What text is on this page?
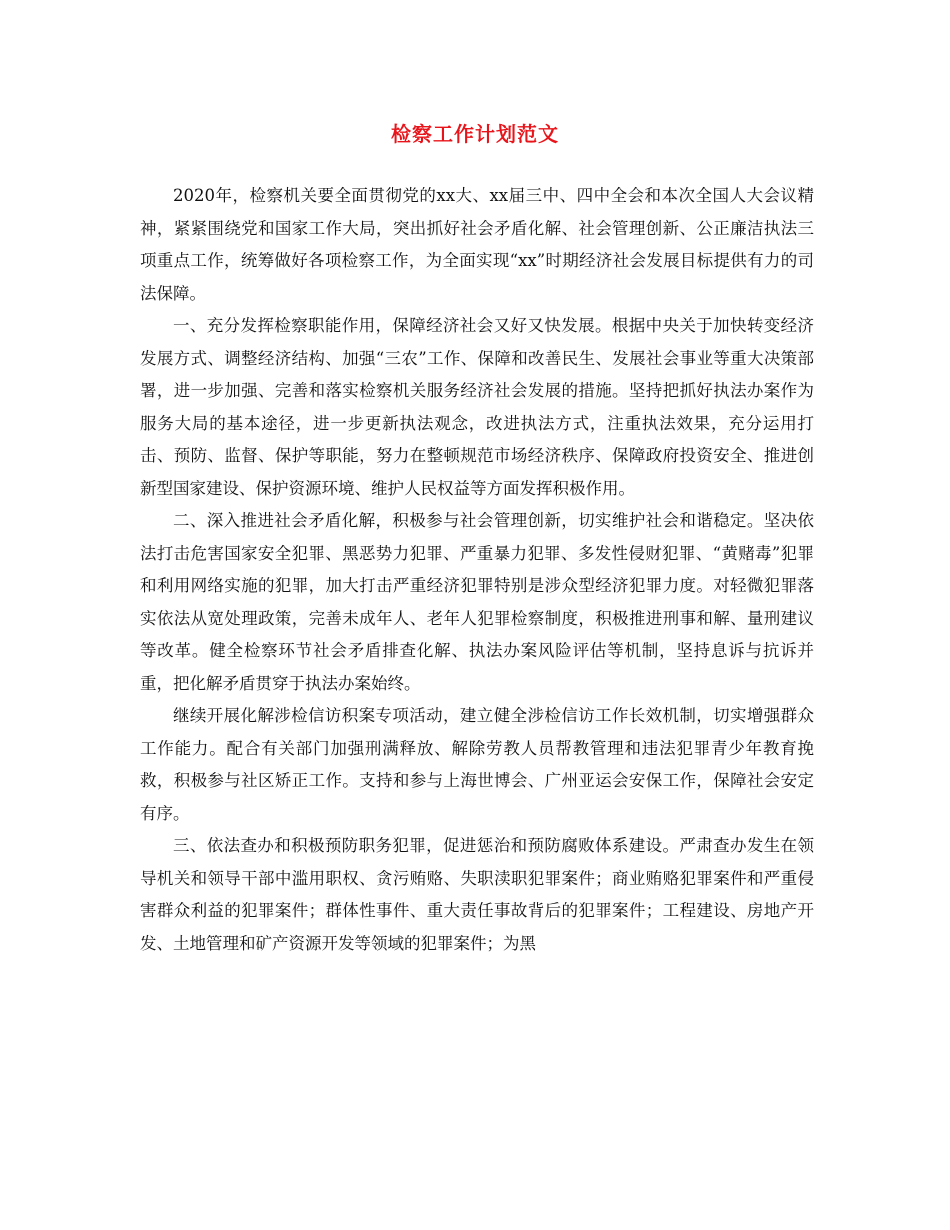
检察工作计划范文

2020年，检察机关要全面贯彻党的xx大、xx届三中、四中全会和本次全国人大会议精神，紧紧围绕党和国家工作大局，突出抓好社会矛盾化解、社会管理创新、公正廉洁执法三项重点工作，统筹做好各项检察工作，为全面实现“xx”时期经济社会发展目标提供有力的司法保障。

一、充分发挥检察职能作用，保障经济社会又好又快发展。根据中央关于加快转变经济发展方式、调整经济结构、加强“三农”工作、保障和改善民生、发展社会事业等重大决策部署，进一步加强、完善和落实检察机关服务经济社会发展的措施。坚持把抓好执法办案作为服务大局的基本途径，进一步更新执法观念，改进执法方式，注重执法效果，充分运用打击、预防、监督、保护等职能，努力在整顿规范市场经济秩序、保障政府投资安全、推进创新型国家建设、保护资源环境、维护人民权益等方面发挥积极作用。

二、深入推进社会矛盾化解，积极参与社会管理创新，切实维护社会和谐稳定。坚决依法打击危害国家安全犯罪、黑恶势力犯罪、严重暴力犯罪、多发性侵财犯罪、“黄赌毒”犯罪和利用网络实施的犯罪，加大打击严重经济犯罪特别是涉众型经济犯罪力度。对轻微犯罪落实依法从宽处理政策，完善未成年人、老年人犯罪检察制度，积极推进刑事和解、量刑建议等改革。健全检察环节社会矛盾排查化解、执法办案风险评估等机制，坚持息诉与抗诉并重，把化解矛盾贯穿于执法办案始终。

继续开展化解涉检信访积案专项活动，建立健全涉检信访工作长效机制，切实增强群众工作能力。配合有关部门加强刑满释放、解除劳教人员帮教管理和违法犯罪青少年教育挽救，积极参与社区矫正工作。支持和参与上海世博会、广州亚运会安保工作，保障社会安定有序。

三、依法查办和积极预防职务犯罪，促进惩治和预防腐败体系建设。严肃查办发生在领导机关和领导干部中滥用职权、贪污贿赂、失职渎职犯罪案件；商业贿赂犯罪案件和严重侵害群众利益的犯罪案件；群体性事件、重大责任事故背后的犯罪案件；工程建设、房地产开发、土地管理和矿产资源开发等领域的犯罪案件；为黑
